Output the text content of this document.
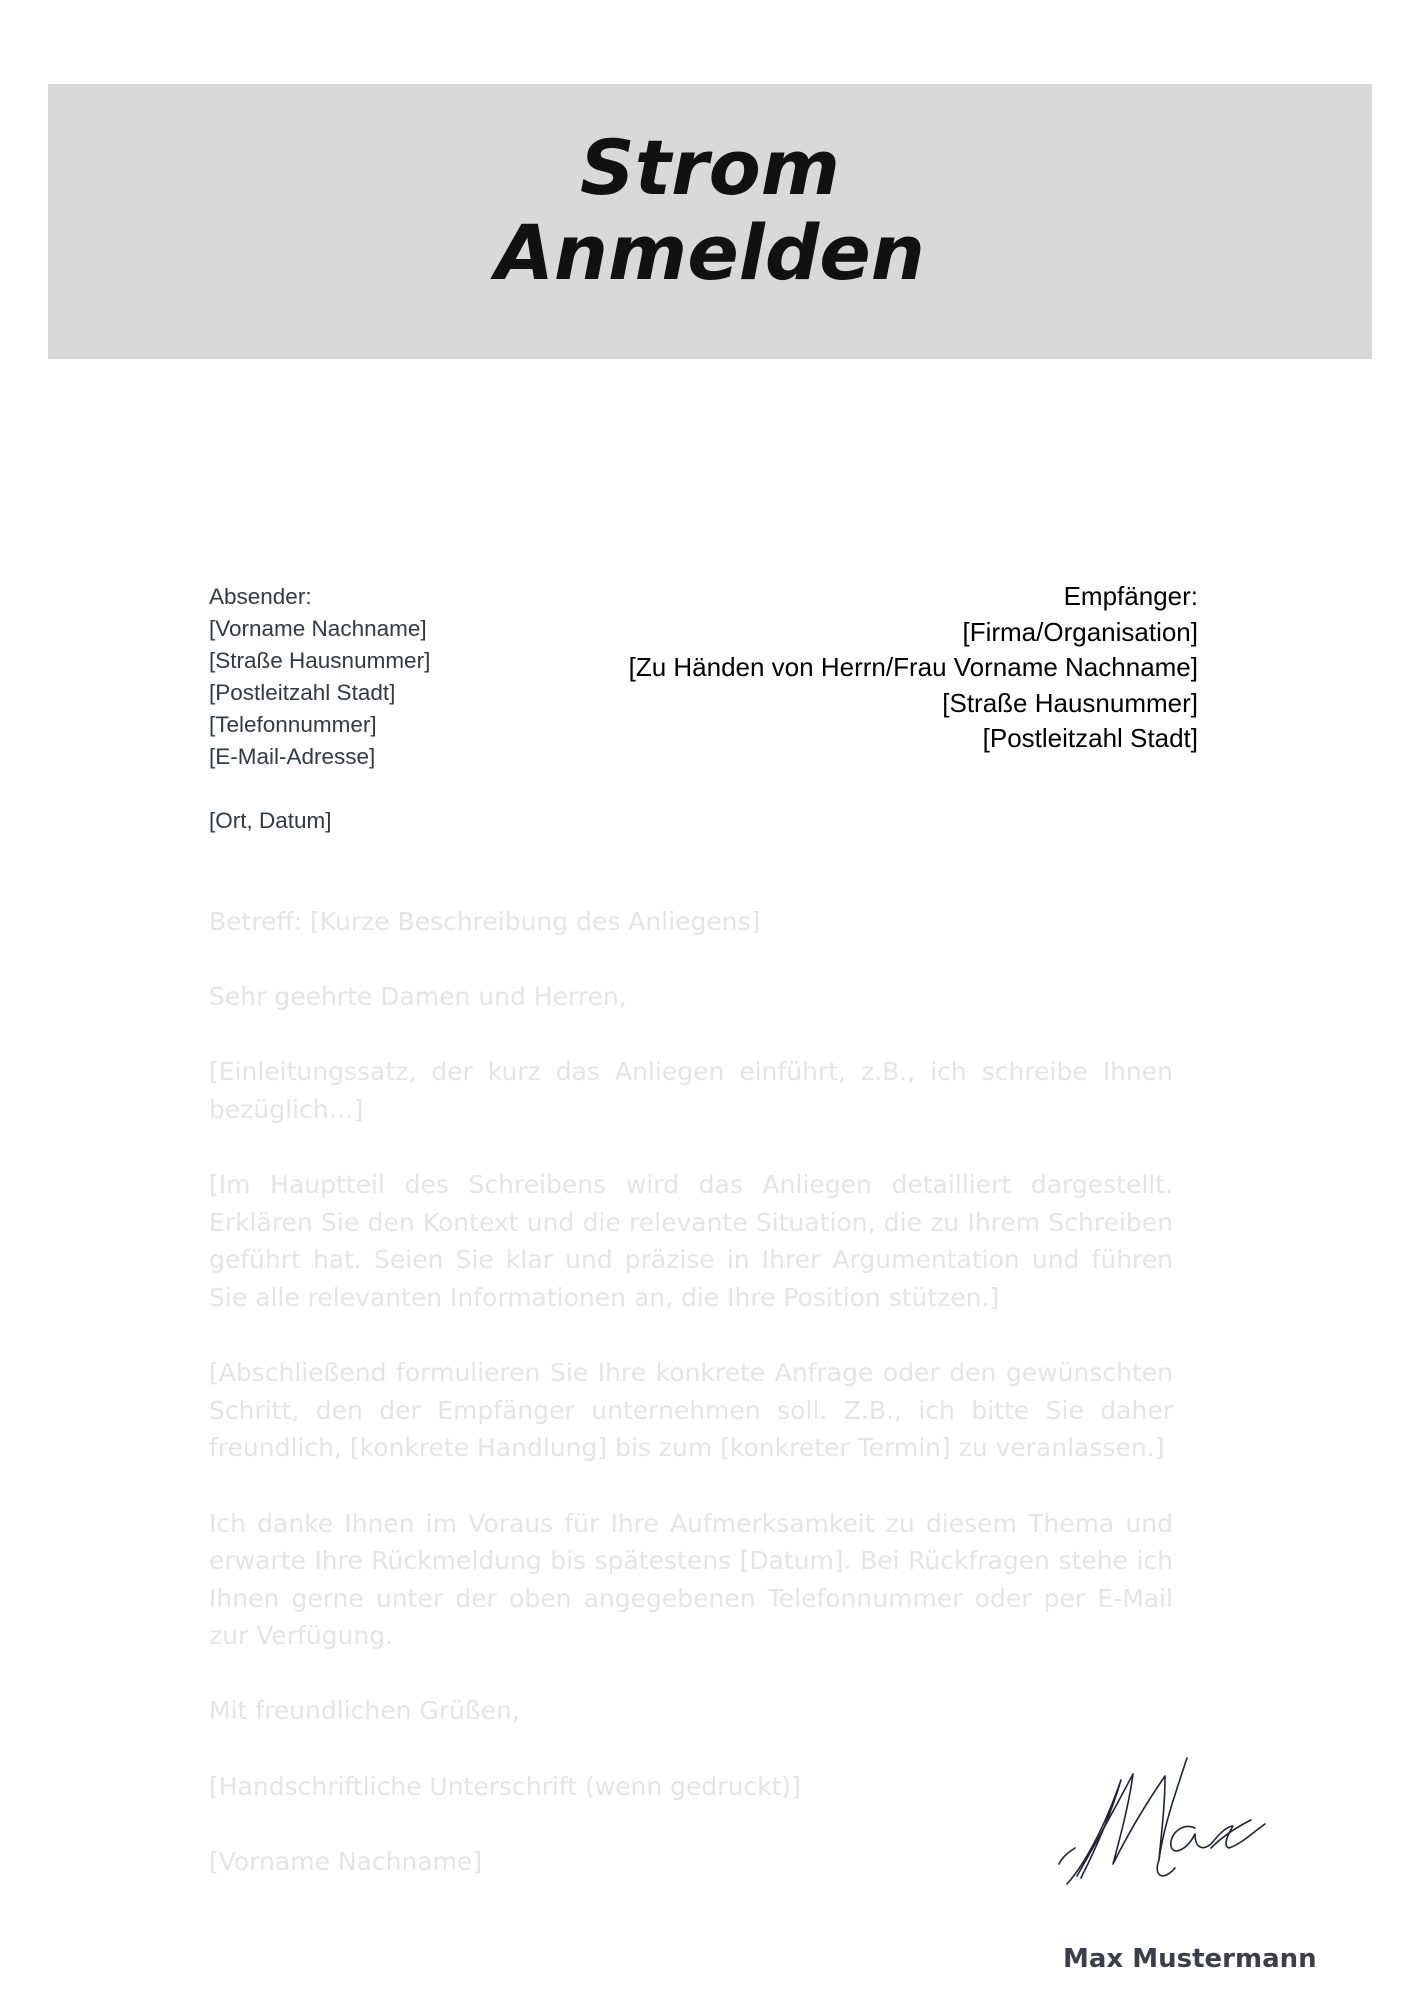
Strom
Anmelden
Absender:
[Vorname Nachname]
[Straße Hausnummer]
[Postleitzahl Stadt]
[Telefonnummer]
[E-Mail-Adresse]
[Ort, Datum]
Empfänger:
[Firma/Organisation]
[Zu Händen von Herrn/Frau Vorname Nachname]
[Straße Hausnummer]
[Postleitzahl Stadt]

Betreff: [Kurze Beschreibung des Anliegens]

Sehr geehrte Damen und Herren,

[Einleitungssatz, der kurz das Anliegen einführt, z.B., ich schreibe Ihnen bezüglich…]

[Im Hauptteil des Schreibens wird das Anliegen detailliert dargestellt. Erklären Sie den Kontext und die relevante Situation, die zu Ihrem Schreiben geführt hat. Seien Sie klar und präzise in Ihrer Argumentation und führen Sie alle relevanten Informationen an, die Ihre Position stützen.]

[Abschließend formulieren Sie Ihre konkrete Anfrage oder den gewünschten Schritt, den der Empfänger unternehmen soll. Z.B., ich bitte Sie daher freundlich, [konkrete Handlung] bis zum [konkreter Termin] zu veranlassen.]

Ich danke Ihnen im Voraus für Ihre Aufmerksamkeit zu diesem Thema und erwarte Ihre Rückmeldung bis spätestens [Datum]. Bei Rückfragen stehe ich Ihnen gerne unter der oben angegebenen Telefonnummer oder per E-Mail zur Verfügung.

Mit freundlichen Grüßen,

[Handschriftliche Unterschrift (wenn gedruckt)]

[Vorname Nachname]

Max Mustermann
